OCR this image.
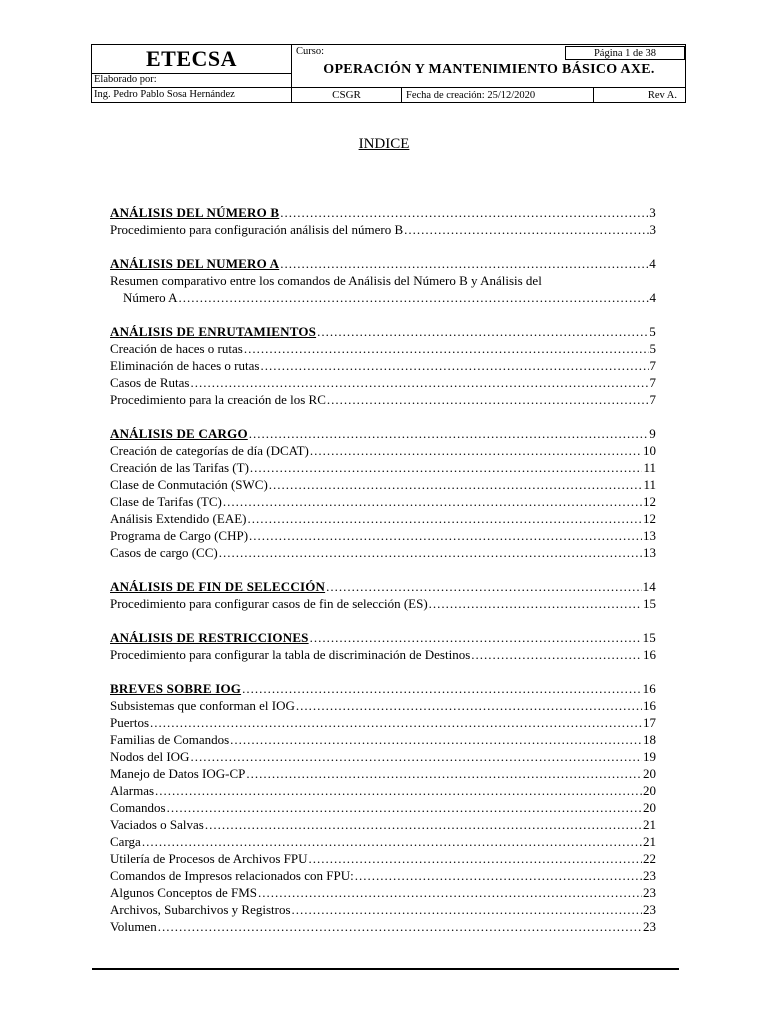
ETECSA	Curso:	Página 1 de 38
OPERACIÓN Y MANTENIMIENTO BÁSICO AXE.
Elaborado por:
Ing. Pedro Pablo Sosa Hernández	CSGR	Fecha de creación: 25/12/2020	Rev A.
INDICE
ANÁLISIS DEL NÚMERO B .....	3
Procedimiento para configuración análisis del número B .....	3
ANÁLISIS DEL NUMERO A .....	4
Resumen comparativo entre los comandos de Análisis del Número B y Análisis del
Número A .....	4
ANÁLISIS DE ENRUTAMIENTOS .....	5
Creación de haces o rutas .....	5
Eliminación de haces o rutas .....	7
Casos de Rutas .....	7
Procedimiento para la creación de los RC .....	7
ANÁLISIS DE CARGO .....	9
Creación de categorías de día (DCAT) .....	10
Creación de las Tarifas (T) .....	11
Clase de Conmutación (SWC) .....	11
Clase de Tarifas (TC) .....	12
Análisis Extendido (EAE) .....	12
Programa de Cargo (CHP) .....	13
Casos de cargo (CC) .....	13
ANÁLISIS DE FIN DE SELECCIÓN .....	14
Procedimiento para configurar casos de fin de selección (ES) .....	15
ANÁLISIS DE RESTRICCIONES .....	15
Procedimiento para configurar la tabla de discriminación de Destinos .....	16
BREVES SOBRE IOG .....	16
Subsistemas que conforman el IOG .....	16
Puertos .....	17
Familias de Comandos .....	18
Nodos del IOG .....	19
Manejo de Datos IOG-CP .....	20
Alarmas .....	20
Comandos .....	20
Vaciados o Salvas .....	21
Carga .....	21
Utilería de Procesos de Archivos FPU .....	22
Comandos de Impresos relacionados con FPU: .....	23
Algunos Conceptos de FMS .....	23
Archivos, Subarchivos y Registros .....	23
Volumen .....	23
